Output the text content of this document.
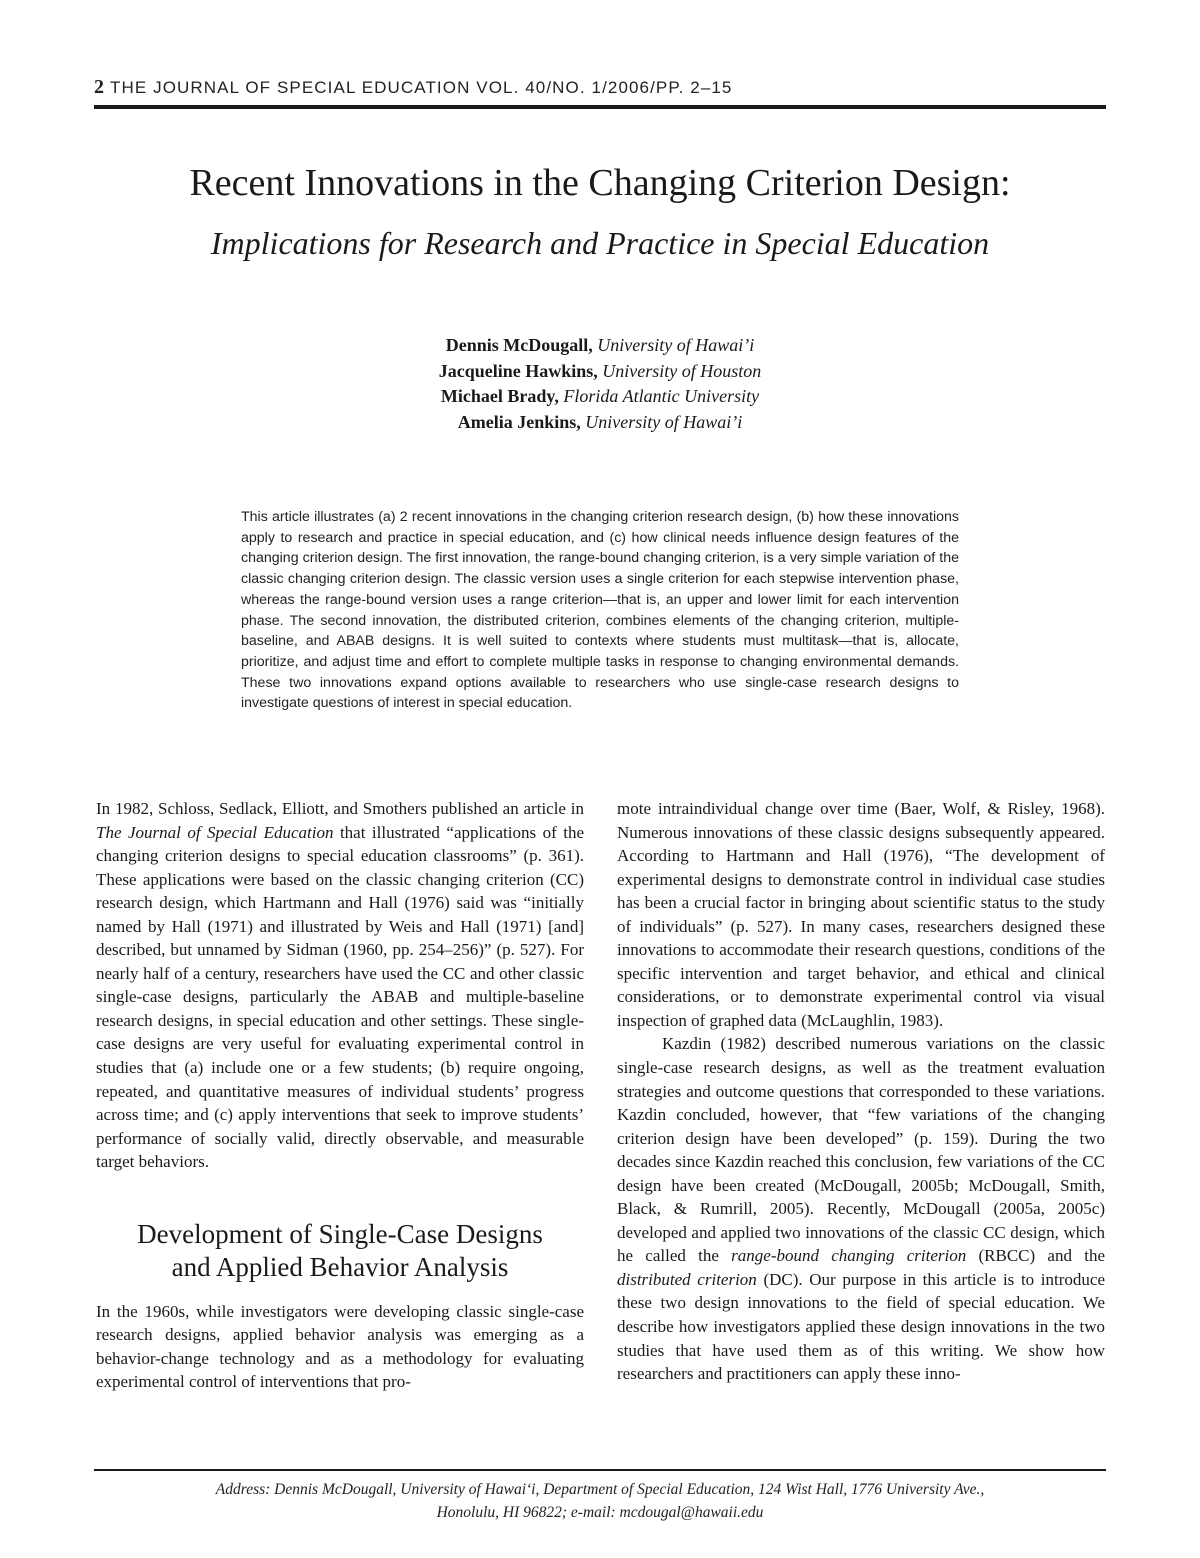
2 THE JOURNAL OF SPECIAL EDUCATION VOL. 40/NO. 1/2006/PP. 2–15
Recent Innovations in the Changing Criterion Design:
Implications for Research and Practice in Special Education
Dennis McDougall, University of Hawai’i
Jacqueline Hawkins, University of Houston
Michael Brady, Florida Atlantic University
Amelia Jenkins, University of Hawai’i
This article illustrates (a) 2 recent innovations in the changing criterion research design, (b) how these innovations apply to research and practice in special education, and (c) how clinical needs influence design features of the changing criterion design. The first innovation, the range-bound changing criterion, is a very simple variation of the classic changing criterion design. The classic version uses a single criterion for each stepwise intervention phase, whereas the range-bound version uses a range criterion—that is, an upper and lower limit for each intervention phase. The second innovation, the distributed criterion, combines elements of the changing criterion, multiple-baseline, and ABAB designs. It is well suited to contexts where students must multitask—that is, allocate, prioritize, and adjust time and effort to complete multiple tasks in response to changing environmental demands. These two innovations expand options available to researchers who use single-case research designs to investigate questions of interest in special education.

In 1982, Schloss, Sedlack, Elliott, and Smothers published an article in The Journal of Special Education that illustrated “applications of the changing criterion designs to special education classrooms” (p. 361). These applications were based on the classic changing criterion (CC) research design, which Hartmann and Hall (1976) said was “initially named by Hall (1971) and illustrated by Weis and Hall (1971) [and] described, but unnamed by Sidman (1960, pp. 254–256)” (p. 527). For nearly half of a century, researchers have used the CC and other classic single-case designs, particularly the ABAB and multiple-baseline research designs, in special education and other settings. These single-case designs are very useful for evaluating experimental control in studies that (a) include one or a few students; (b) require ongoing, repeated, and quantitative measures of individual students’ progress across time; and (c) apply interventions that seek to improve students’ performance of socially valid, directly observable, and measurable target behaviors.

Development of Single-Case Designs
and Applied Behavior Analysis

In the 1960s, while investigators were developing classic single-case research designs, applied behavior analysis was emerging as a behavior-change technology and as a methodology for evaluating experimental control of interventions that pro-

mote intraindividual change over time (Baer, Wolf, & Risley, 1968). Numerous innovations of these classic designs subsequently appeared. According to Hartmann and Hall (1976), “The development of experimental designs to demonstrate control in individual case studies has been a crucial factor in bringing about scientific status to the study of individuals” (p. 527). In many cases, researchers designed these innovations to accommodate their research questions, conditions of the specific intervention and target behavior, and ethical and clinical considerations, or to demonstrate experimental control via visual inspection of graphed data (McLaughlin, 1983).

Kazdin (1982) described numerous variations on the classic single-case research designs, as well as the treatment evaluation strategies and outcome questions that corresponded to these variations. Kazdin concluded, however, that “few variations of the changing criterion design have been developed” (p. 159). During the two decades since Kazdin reached this conclusion, few variations of the CC design have been created (McDougall, 2005b; McDougall, Smith, Black, & Rumrill, 2005). Recently, McDougall (2005a, 2005c) developed and applied two innovations of the classic CC design, which he called the range-bound changing criterion (RBCC) and the distributed criterion (DC). Our purpose in this article is to introduce these two design innovations to the field of special education. We describe how investigators applied these design innovations in the two studies that have used them as of this writing. We show how researchers and practitioners can apply these inno-

Address: Dennis McDougall, University of Hawai‘i, Department of Special Education, 124 Wist Hall, 1776 University Ave.,
Honolulu, HI 96822; e-mail: mcdougal@hawaii.edu
